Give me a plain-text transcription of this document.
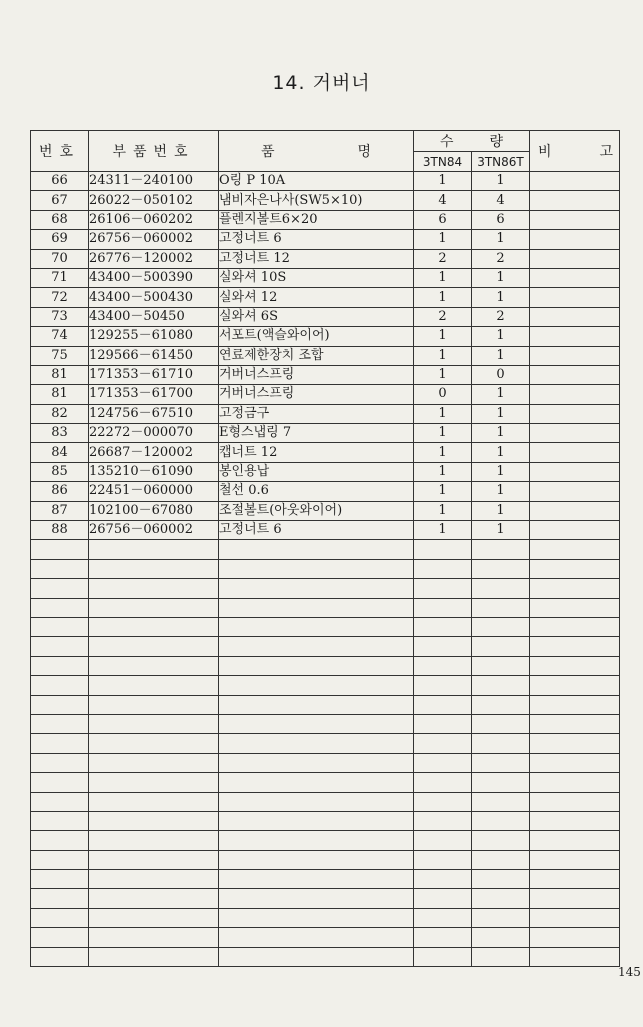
14. 거버너
번호	부품번호	품 명	수 량		비 고

			3TN84	3TN86T	
66	24311－240100	O링 P 10A	1	1	
67	26022－050102	냄비자은나사(SW5×10)	4	4	
68	26106－060202	플렌지볼트6×20	6	6	
69	26756－060002	고정너트 6	1	1	
70	26776－120002	고정너트 12	2	2	
71	43400－500390	실와셔 10S	1	1	
72	43400－500430	실와셔 12	1	1	
73	43400－50450	실와셔 6S	2	2	
74	129255－61080	서포트(액슬와이어)	1	1	
75	129566－61450	연료제한장치 조합	1	1	
81	171353－61710	거버너스프링	1	0	
81	171353－61700	거버너스프링	0	1	
82	124756－67510	고정금구	1	1	
83	22272－000070	E형스냅링 7	1	1	
84	26687－120002	캡너트 12	1	1	
85	135210－61090	봉인용납	1	1	
86	22451－060000	철선 0.6	1	1	
87	102100－67080	조절볼트(아웃와이어)	1	1	
88	26756－060002	고정너트 6	1	1	

145
